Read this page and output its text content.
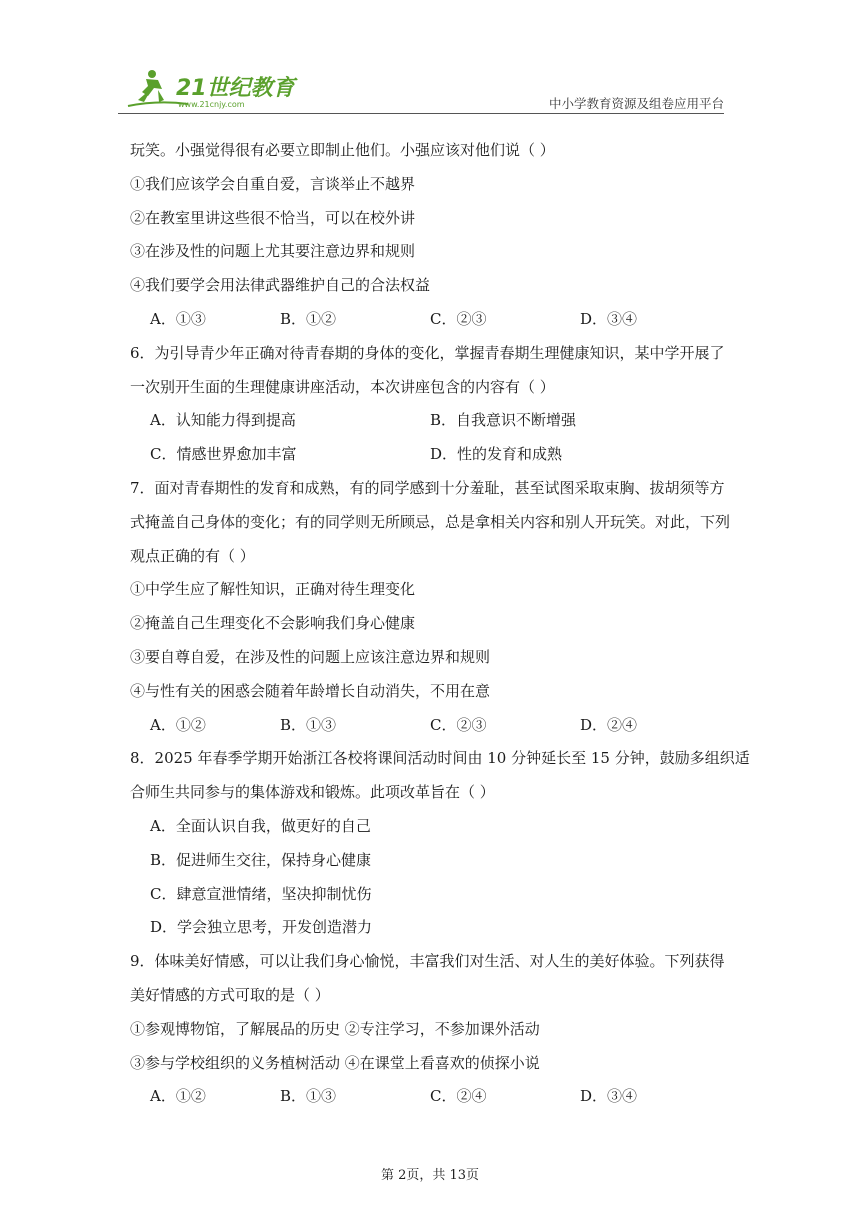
21世纪教育
www.21cnjy.com	中小学教育资源及组卷应用平台
玩笑。小强觉得很有必要立即制止他们。小强应该对他们说（ ）
①我们应该学会自重自爱，言谈举止不越界
②在教室里讲这些很不恰当，可以在校外讲
③在涉及性的问题上尤其要注意边界和规则
④我们要学会用法律武器维护自己的合法权益
A．①③	B．①②	C．②③	D．③④
6．为引导青少年正确对待青春期的身体的变化，掌握青春期生理健康知识，某中学开展了
一次别开生面的生理健康讲座活动，本次讲座包含的内容有（ ）
A．认知能力得到提高	B．自我意识不断增强
C．情感世界愈加丰富	D．性的发育和成熟
7．面对青春期性的发育和成熟，有的同学感到十分羞耻，甚至试图采取束胸、拔胡须等方
式掩盖自己身体的变化；有的同学则无所顾忌，总是拿相关内容和别人开玩笑。对此，下列
观点正确的有（ ）
①中学生应了解性知识，正确对待生理变化
②掩盖自己生理变化不会影响我们身心健康
③要自尊自爱，在涉及性的问题上应该注意边界和规则
④与性有关的困惑会随着年龄增长自动消失，不用在意
A．①②	B．①③	C．②③	D．②④
8．2025 年春季学期开始浙江各校将课间活动时间由 10 分钟延长至 15 分钟，鼓励多组织适
合师生共同参与的集体游戏和锻炼。此项改革旨在（ ）
A．全面认识自我，做更好的自己
B．促进师生交往，保持身心健康
C．肆意宣泄情绪，坚决抑制忧伤
D．学会独立思考，开发创造潜力
9．体味美好情感，可以让我们身心愉悦，丰富我们对生活、对人生的美好体验。下列获得
美好情感的方式可取的是（ ）
①参观博物馆，了解展品的历史 ②专注学习，不参加课外活动
③参与学校组织的义务植树活动 ④在课堂上看喜欢的侦探小说
A．①②	B．①③	C．②④	D．③④
第 2页，共 13页
